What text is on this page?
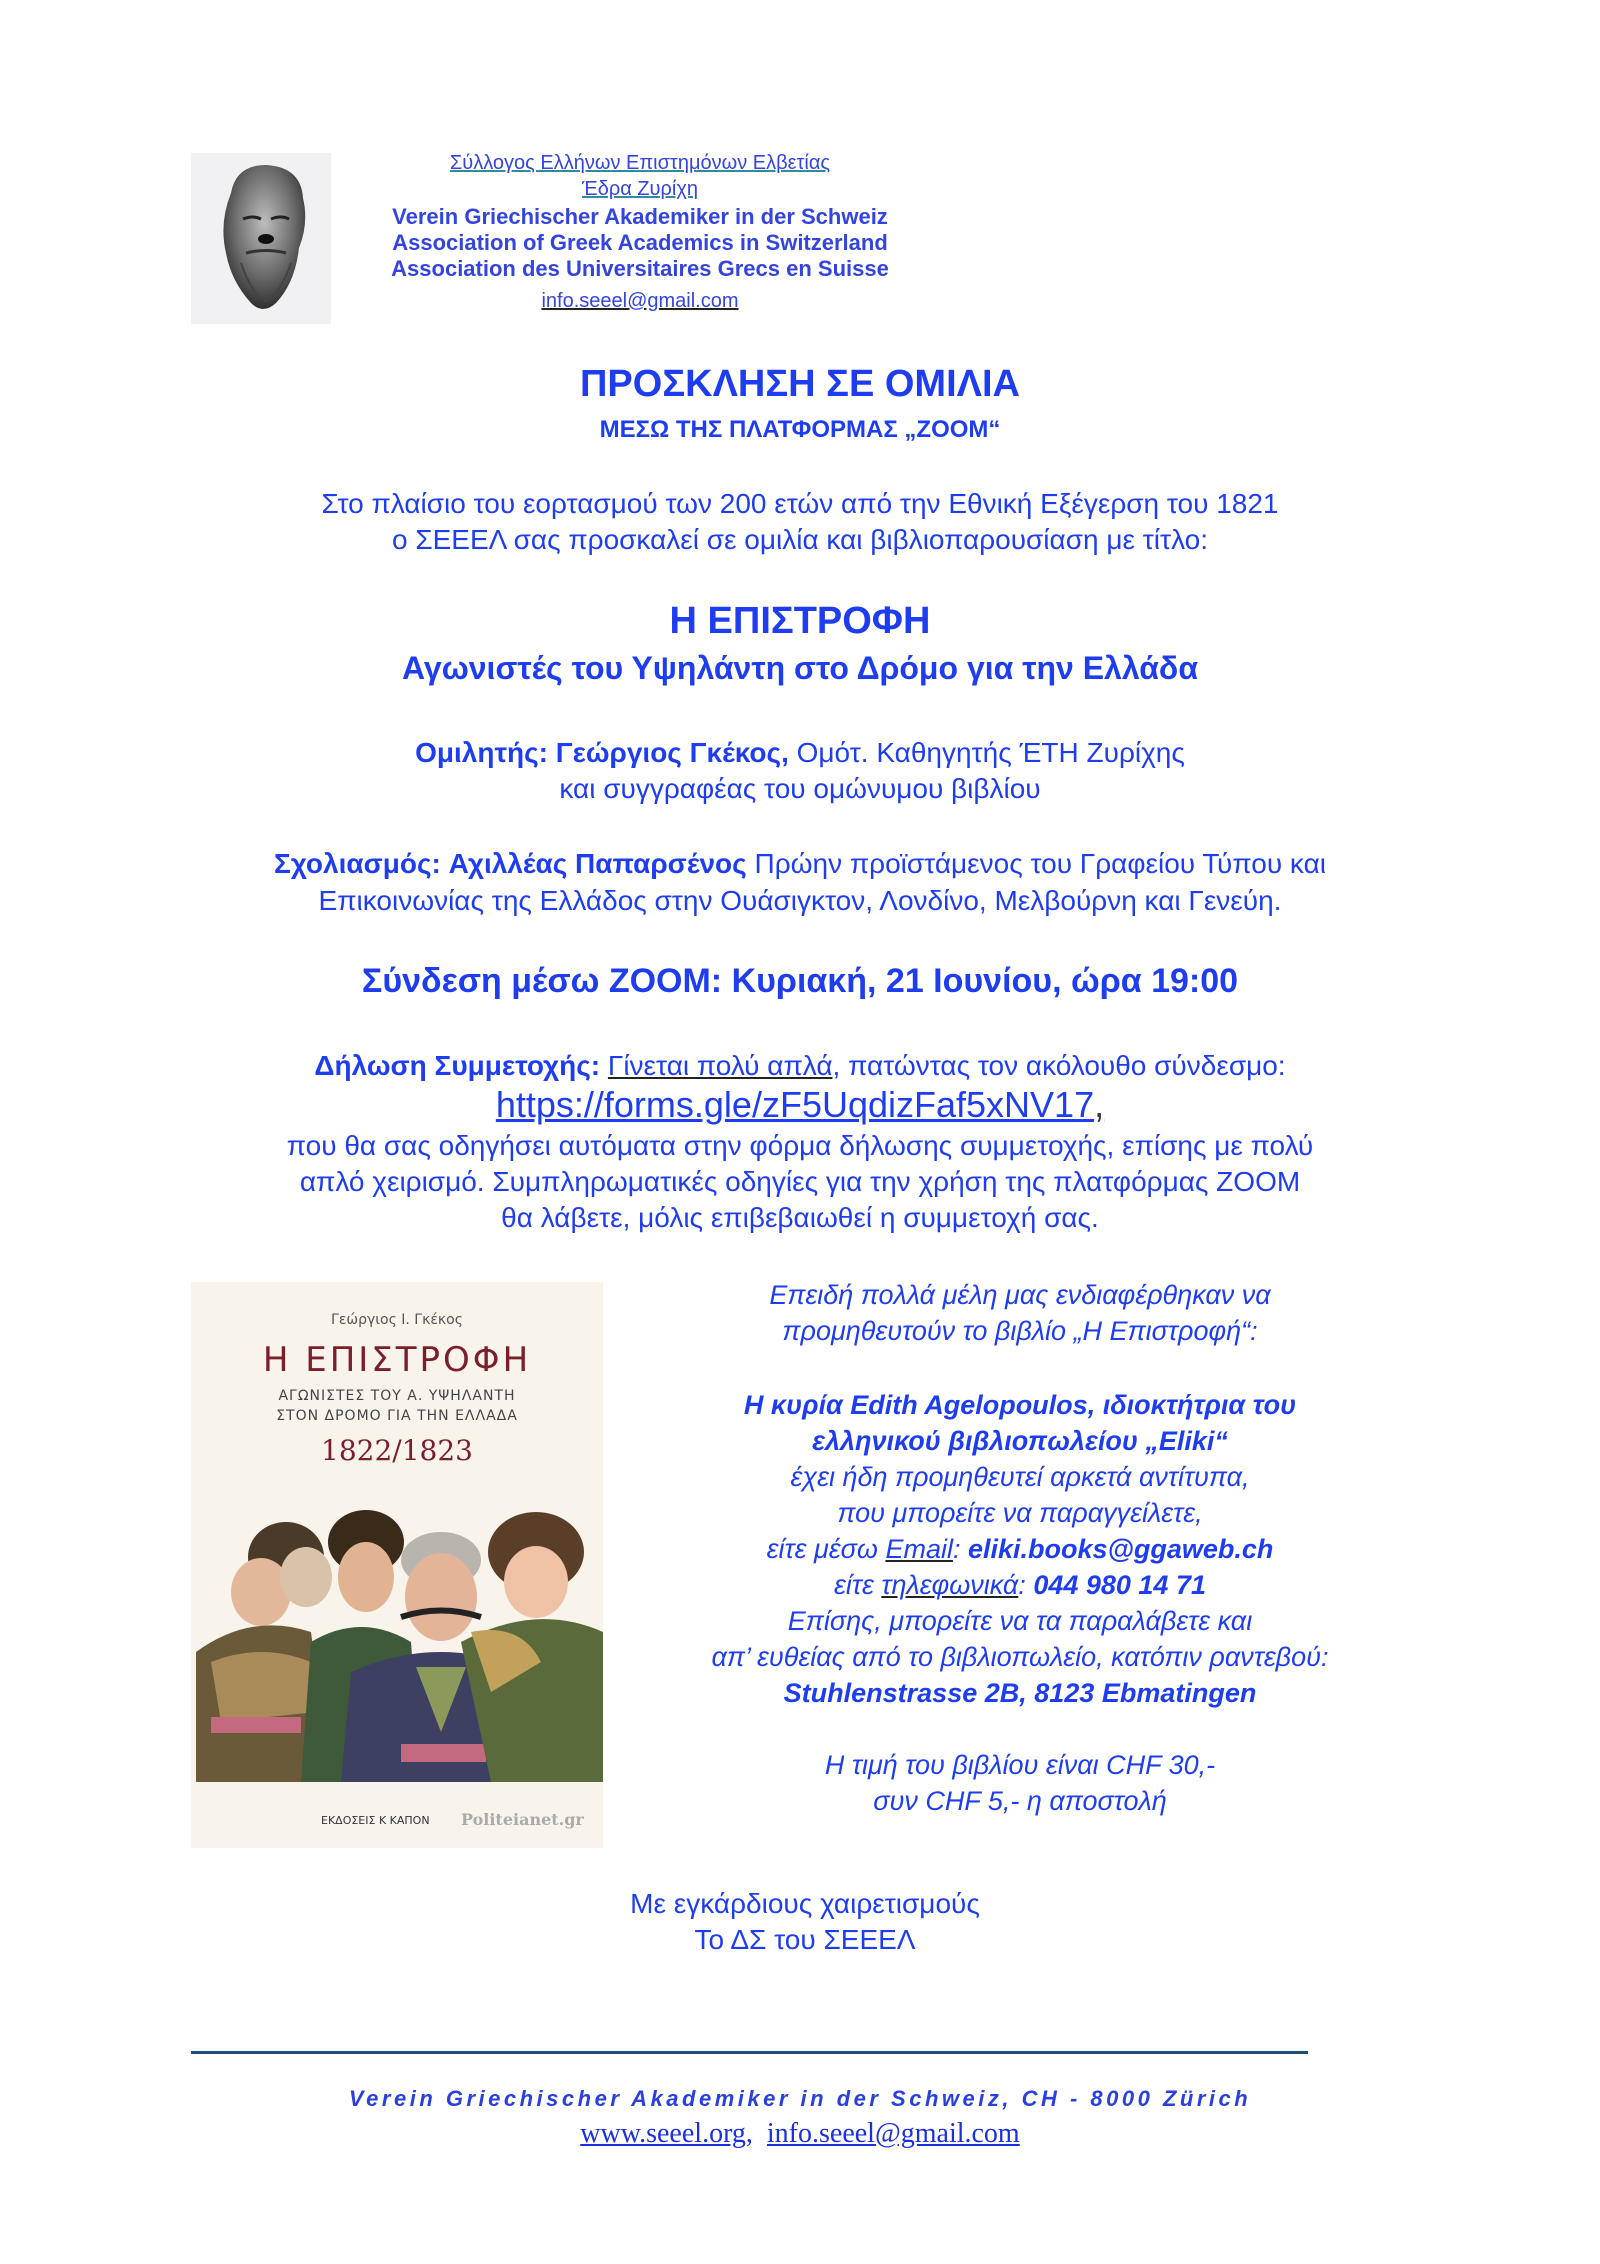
Σύλλογος Ελλήνων Επιστημόνων Ελβετίας
Έδρα Ζυρίχη
Verein Griechischer Akademiker in der Schweiz
Association of Greek Academics in Switzerland
Association des Universitaires Grecs en Suisse
info.seeel@gmail.com
ΠΡΟΣΚΛΗΣΗ ΣΕ ΟΜΙΛΙΑ
ΜΕΣΩ ΤΗΣ ΠΛΑΤΦΟΡΜΑΣ „ZOOM“
Στο πλαίσιο του εορτασμού των 200 ετών από την Εθνική Εξέγερση του 1821
ο ΣΕΕΕΛ σας προσκαλεί σε ομιλία και βιβλιοπαρουσίαση με τίτλο:
Η ΕΠΙΣΤΡΟΦΗ
Αγωνιστές του Υψηλάντη στο Δρόμο για την Ελλάδα
Ομιλητής: Γεώργιος Γκέκος, Ομότ. Καθηγητής ΈΤΗ Ζυρίχης
και συγγραφέας του ομώνυμου βιβλίου
Σχολιασμός: Αχιλλέας Παπαρσένος Πρώην προϊστάμενος του Γραφείου Τύπου και
Επικοινωνίας της Ελλάδος στην Ουάσιγκτον, Λονδίνο, Μελβούρνη και Γενεύη.
Σύνδεση μέσω ZOOM: Κυριακή, 21 Ιουνίου, ώρα 19:00
Δήλωση Συμμετοχής: Γίνεται πολύ απλά, πατώντας τον ακόλουθο σύνδεσμο:
https://forms.gle/zF5UqdizFaf5xNV17,
που θα σας οδηγήσει αυτόματα στην φόρμα δήλωσης συμμετοχής, επίσης με πολύ
απλό χειρισμό. Συμπληρωματικές οδηγίες για την χρήση της πλατφόρμας ZOOM
θα λάβετε, μόλις επιβεβαιωθεί η συμμετοχή σας.
Γεώργιος Ι. Γκέκος
Η ΕΠΙΣΤΡΟΦΗ
ΑΓΩΝΙΣΤΕΣ ΤΟΥ Α. ΥΨΗΛΑΝΤΗ
ΣΤΟΝ ΔΡΟΜΟ ΓΙΑ ΤΗΝ ΕΛΛΑΔΑ
1822/1823
ΕΚΔΟΣΕΙΣ K ΚΑΠΟΝ Politeianet.gr
Επειδή πολλά μέλη μας ενδιαφέρθηκαν να
προμηθευτούν το βιβλίο „Η Επιστροφή“:
Η κυρία Edith Agelopoulos, ιδιοκτήτρια του
ελληνικού βιβλιοπωλείου „Eliki“
έχει ήδη προμηθευτεί αρκετά αντίτυπα,
που μπορείτε να παραγγείλετε,
είτε μέσω Email: eliki.books@ggaweb.ch
είτε τηλεφωνικά: 044 980 14 71
Επίσης, μπορείτε να τα παραλάβετε και
απ’ ευθείας από το βιβλιοπωλείο, κατόπιν ραντεβού:
Stuhlenstrasse 2B, 8123 Ebmatingen
Η τιμή του βιβλίου είναι CHF 30,-
συν CHF 5,- η αποστολή
Με εγκάρδιους χαιρετισμούς
Το ΔΣ του ΣΕΕΕΛ
Verein Griechischer Akademiker in der Schweiz, CH - 8000 Zürich
www.seeel.org,  info.seeel@gmail.com
